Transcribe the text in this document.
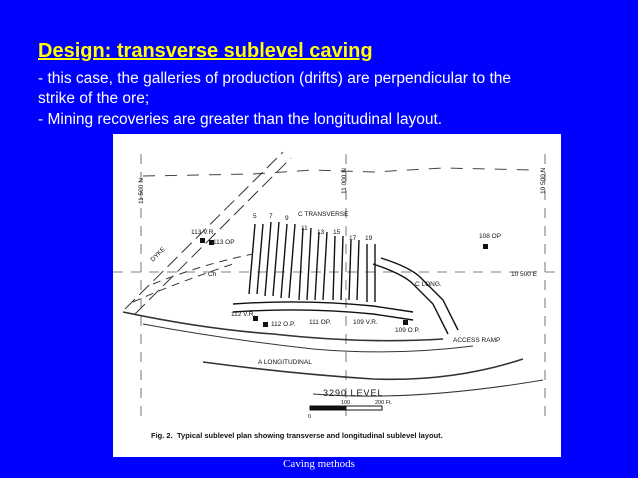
Design: transverse sublevel caving
- this case, the galleries of production (drifts) are perpendicular to the
strike of the ore;
- Mining recoveries are greater than the longitudinal layout.
11 500 N	11 000 N	10 500 N
10 500 E
DYKE
C TRANSVERSE
C LONG.
A LONGITUDINAL
ACCESS RAMP
113 V.R.
113 OP
108 OP
112 V.R.
112 O.P. 111 OP.	109 V.R.
109 O.P.
Ch
5 7 9
11
13 15
17 19
3290 LEVEL
0
100	200 Ft.
Fig. 2. Typical sublevel plan showing transverse and longitudinal sublevel layout.
Caving methods
